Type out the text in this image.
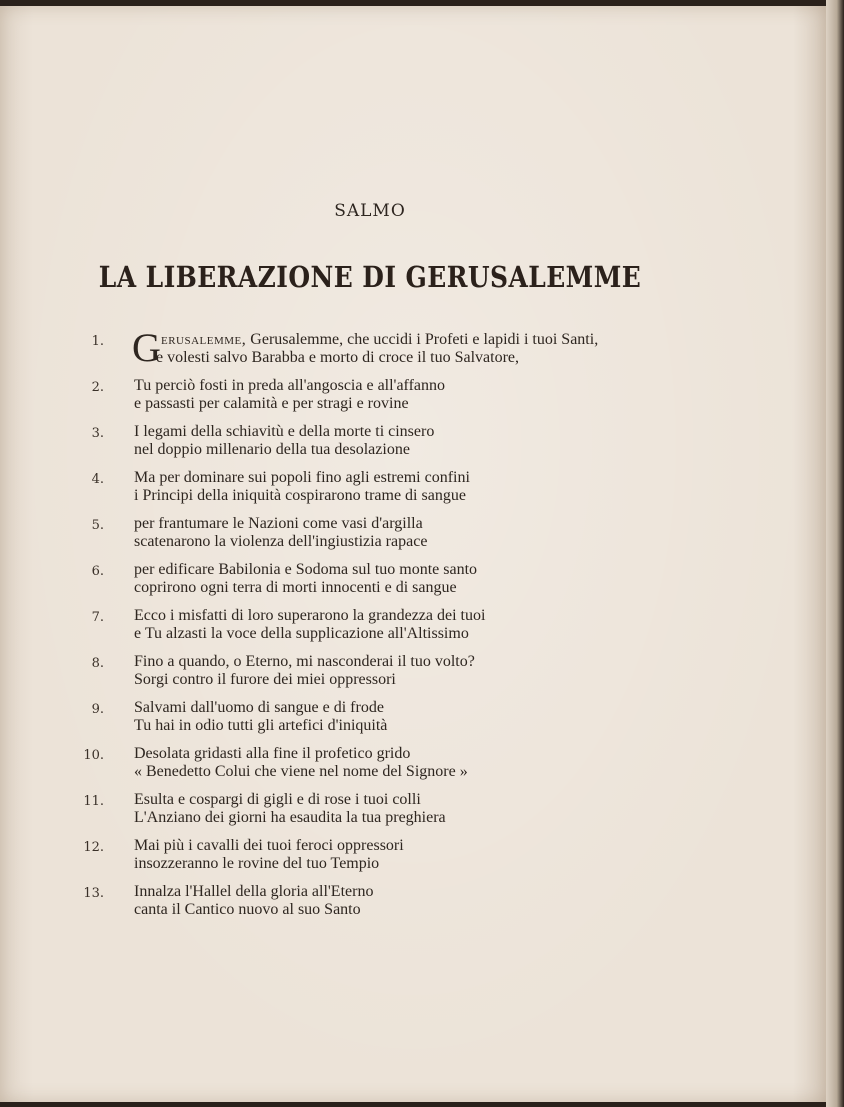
SALMO
LA LIBERAZIONE DI GERUSALEMME
1. G erusalemme, Gerusalemme, che uccidi i Profeti e lapidi i tuoi Santi,
e volesti salvo Barabba e morto di croce il tuo Salvatore,
2. Tu perciò fosti in preda all'angoscia e all'affanno
e passasti per calamità e per stragi e rovine
3. I legami della schiavitù e della morte ti cinsero
nel doppio millenario della tua desolazione
4. Ma per dominare sui popoli fino agli estremi confini
i Principi della iniquità cospirarono trame di sangue
5. per frantumare le Nazioni come vasi d'argilla
scatenarono la violenza dell'ingiustizia rapace
6. per edificare Babilonia e Sodoma sul tuo monte santo
coprirono ogni terra di morti innocenti e di sangue
7. Ecco i misfatti di loro superarono la grandezza dei tuoi
e Tu alzasti la voce della supplicazione all'Altissimo
8. Fino a quando, o Eterno, mi nasconderai il tuo volto?
Sorgi contro il furore dei miei oppressori
9. Salvami dall'uomo di sangue e di frode
Tu hai in odio tutti gli artefici d'iniquità
10. Desolata gridasti alla fine il profetico grido
« Benedetto Colui che viene nel nome del Signore »
11. Esulta e cospargi di gigli e di rose i tuoi colli
L'Anziano dei giorni ha esaudita la tua preghiera
12. Mai più i cavalli dei tuoi feroci oppressori
insozzeranno le rovine del tuo Tempio
13. Innalza l'Hallel della gloria all'Eterno
canta il Cantico nuovo al suo Santo
